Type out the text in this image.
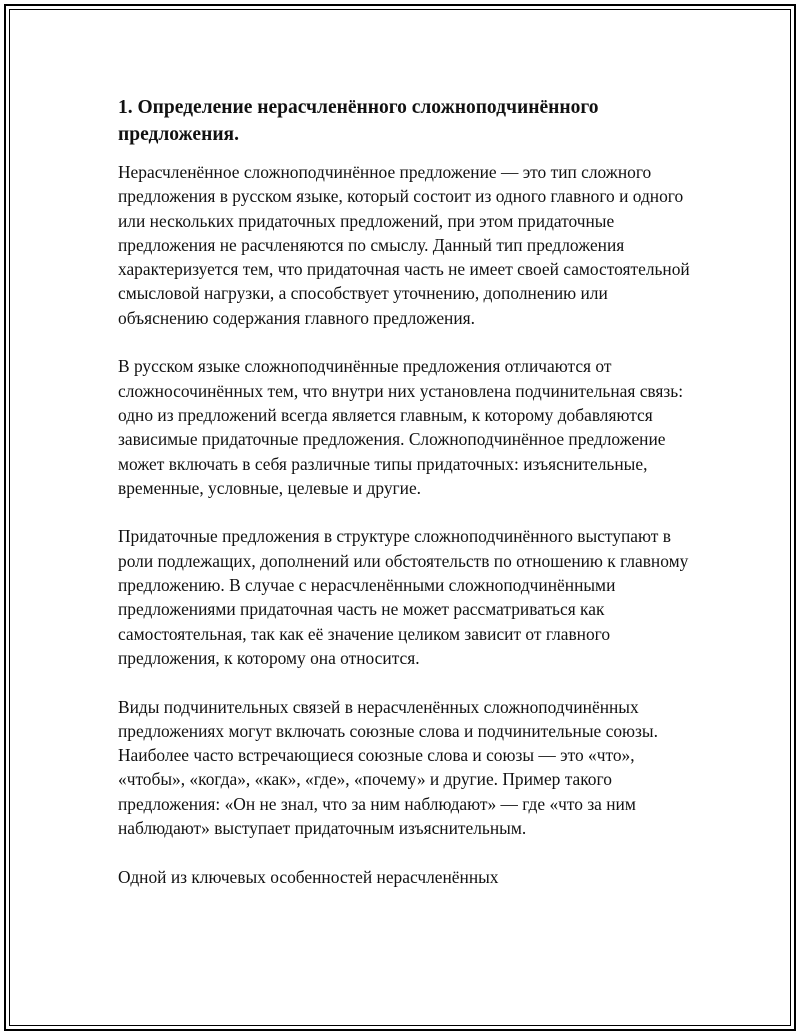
1. Определение нерасчленённого сложноподчинённого предложения.

Нерасчленённое сложноподчинённое предложение — это тип сложного предложения в русском языке, который состоит из одного главного и одного или нескольких придаточных предложений, при этом придаточные предложения не расчленяются по смыслу. Данный тип предложения характеризуется тем, что придаточная часть не имеет своей самостоятельной смысловой нагрузки, а способствует уточнению, дополнению или объяснению содержания главного предложения.

В русском языке сложноподчинённые предложения отличаются от сложносочинённых тем, что внутри них установлена подчинительная связь: одно из предложений всегда является главным, к которому добавляются зависимые придаточные предложения. Сложноподчинённое предложение может включать в себя различные типы придаточных: изъяснительные, временные, условные, целевые и другие.

Придаточные предложения в структуре сложноподчинённого выступают в роли подлежащих, дополнений или обстоятельств по отношению к главному предложению. В случае с нерасчленёнными сложноподчинёнными предложениями придаточная часть не может рассматриваться как самостоятельная, так как её значение целиком зависит от главного предложения, к которому она относится.

Виды подчинительных связей в нерасчленённых сложноподчинённых предложениях могут включать союзные слова и подчинительные союзы. Наиболее часто встречающиеся союзные слова и союзы — это «что», «чтобы», «когда», «как», «где», «почему» и другие. Пример такого предложения: «Он не знал, что за ним наблюдают» — где «что за ним наблюдают» выступает придаточным изъяснительным.

Одной из ключевых особенностей нерасчленённых
